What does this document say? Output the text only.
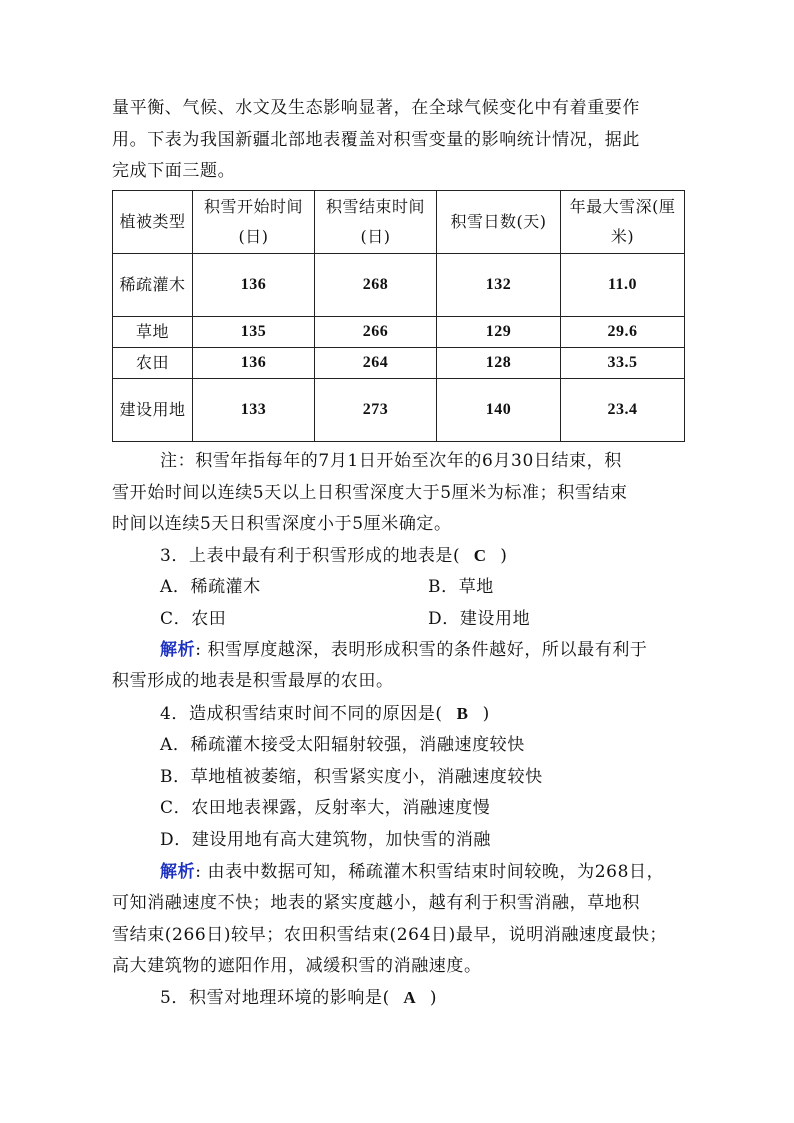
量平衡、气候、水文及生态影响显著，在全球气候变化中有着重要作
用。下表为我国新疆北部地表覆盖对积雪变量的影响统计情况，据此
完成下面三题。
植被类型	积雪开始时间(日)	积雪结束时间(日)	积雪日数(天)	年最大雪深(厘米)
稀疏灌木	136	268	132	11.0
草地	135	266	129	29.6
农田	136	264	128	33.5
建设用地	133	273	140	23.4
注：积雪年指每年的7月1日开始至次年的6月30日结束，积
雪开始时间以连续5天以上日积雪深度大于5厘米为标准；积雪结束
时间以连续5天日积雪深度小于5厘米确定。
3．上表中最有利于积雪形成的地表是( C )
A．稀疏灌木	B．草地
C．农田	D．建设用地
解析: 积雪厚度越深，表明形成积雪的条件越好，所以最有利于
积雪形成的地表是积雪最厚的农田。
4．造成积雪结束时间不同的原因是( B )
A．稀疏灌木接受太阳辐射较强，消融速度较快
B．草地植被萎缩，积雪紧实度小，消融速度较快
C．农田地表裸露，反射率大，消融速度慢
D．建设用地有高大建筑物，加快雪的消融
解析: 由表中数据可知，稀疏灌木积雪结束时间较晚，为268日，
可知消融速度不快；地表的紧实度越小，越有利于积雪消融，草地积
雪结束(266日)较早；农田积雪结束(264日)最早，说明消融速度最快；
高大建筑物的遮阳作用，减缓积雪的消融速度。
5．积雪对地理环境的影响是( A )
